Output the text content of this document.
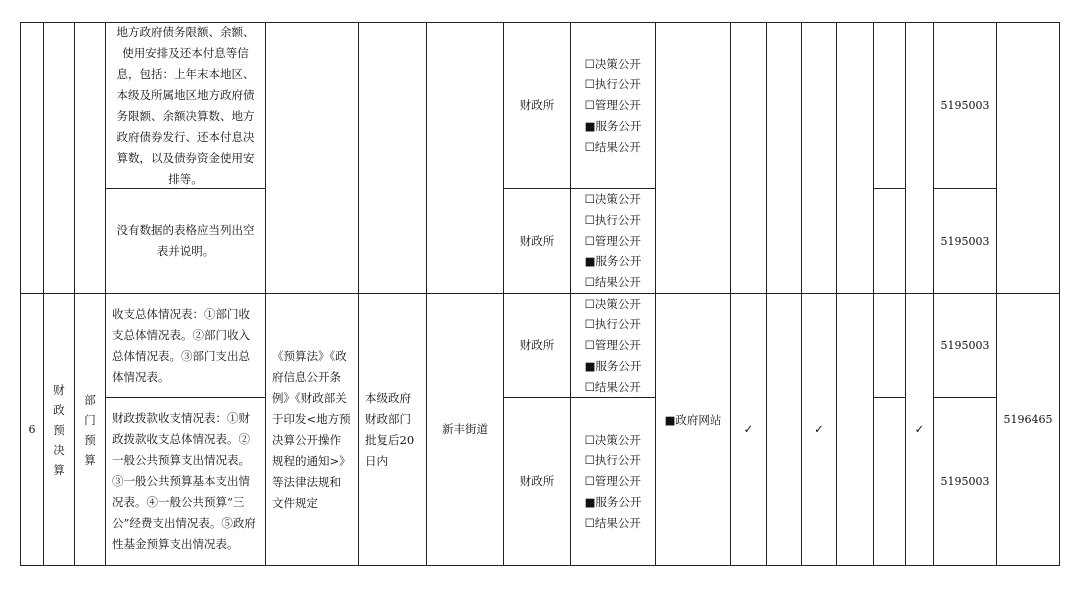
地方政府债务限额、余额、使用安排及还本付息等信息，包括：上年末本地区、本级及所属地区地方政府债务限额、余额决算数、地方政府债券发行、还本付息决算数，以及债券资金使用安排等。
财政所
☐决策公开
☐执行公开
☐管理公开
■服务公开
☐结果公开
5195003
没有数据的表格应当列出空表并说明。
财政所
☐决策公开
☐执行公开
☐管理公开
■服务公开
☐结果公开
5195003
6
财政预决算
部门预算
收支总体情况表：①部门收支总体情况表。②部门收入总体情况表。③部门支出总体情况表。
财政拨款收支情况表：①财政拨款收支总体情况表。②一般公共预算支出情况表。③一般公共预算基本支出情况表。④一般公共预算“三公”经费支出情况表。⑤政府性基金预算支出情况表。
《预算法》《政府信息公开条例》《财政部关于印发<地方预决算公开操作规程的通知>》等法律法规和文件规定
本级政府财政部门批复后20日内
新丰街道
财政所
☐决策公开
☐执行公开
☐管理公开
■服务公开
☐结果公开
财政所
☐决策公开
☐执行公开
☐管理公开
■服务公开
☐结果公开
■政府网站
✓	✓	✓
5195003
5195003
5196465
